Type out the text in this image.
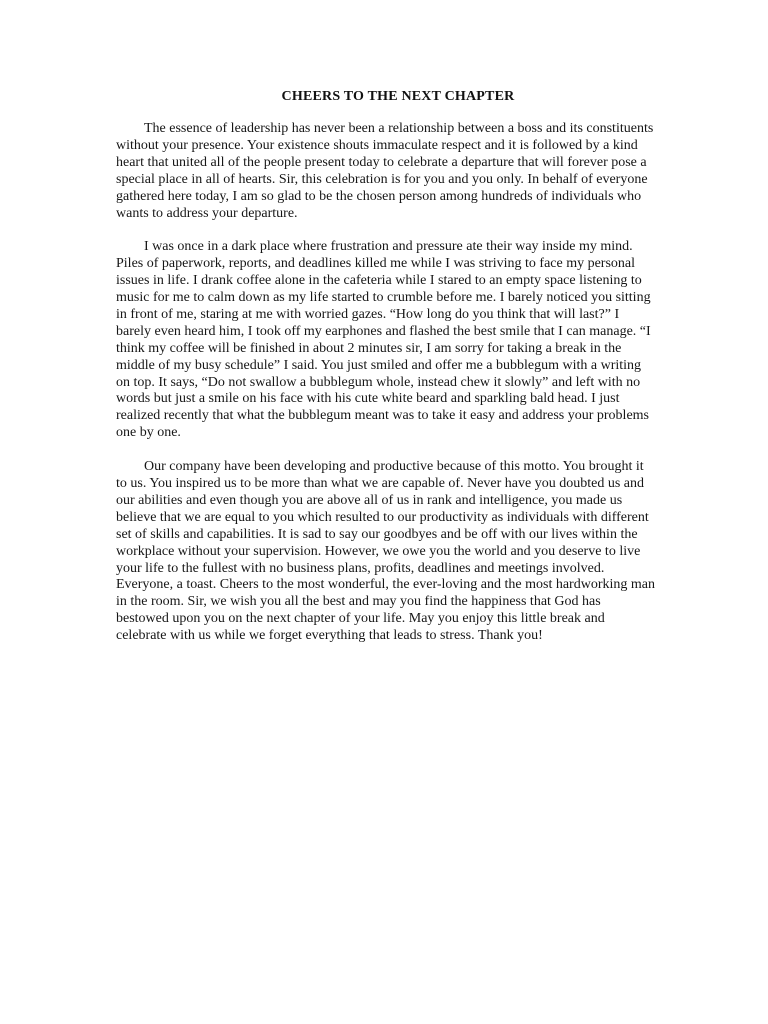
CHEERS TO THE NEXT CHAPTER

The essence of leadership has never been a relationship between a boss and its constituents without your presence. Your existence shouts immaculate respect and it is followed by a kind heart that united all of the people present today to celebrate a departure that will forever pose a special place in all of hearts. Sir, this celebration is for you and you only. In behalf of everyone gathered here today, I am so glad to be the chosen person among hundreds of individuals who wants to address your departure.

I was once in a dark place where frustration and pressure ate their way inside my mind. Piles of paperwork, reports, and deadlines killed me while I was striving to face my personal issues in life. I drank coffee alone in the cafeteria while I stared to an empty space listening to music for me to calm down as my life started to crumble before me. I barely noticed you sitting in front of me, staring at me with worried gazes. “How long do you think that will last?” I barely even heard him, I took off my earphones and flashed the best smile that I can manage. “I think my coffee will be finished in about 2 minutes sir, I am sorry for taking a break in the middle of my busy schedule” I said. You just smiled and offer me a bubblegum with a writing on top. It says, “Do not swallow a bubblegum whole, instead chew it slowly” and left with no words but just a smile on his face with his cute white beard and sparkling bald head. I just realized recently that what the bubblegum meant was to take it easy and address your problems one by one.

Our company have been developing and productive because of this motto. You brought it to us. You inspired us to be more than what we are capable of. Never have you doubted us and our abilities and even though you are above all of us in rank and intelligence, you made us believe that we are equal to you which resulted to our productivity as individuals with different set of skills and capabilities. It is sad to say our goodbyes and be off with our lives within the workplace without your supervision. However, we owe you the world and you deserve to live your life to the fullest with no business plans, profits, deadlines and meetings involved. Everyone, a toast. Cheers to the most wonderful, the ever-loving and the most hardworking man in the room. Sir, we wish you all the best and may you find the happiness that God has bestowed upon you on the next chapter of your life. May you enjoy this little break and celebrate with us while we forget everything that leads to stress. Thank you!
